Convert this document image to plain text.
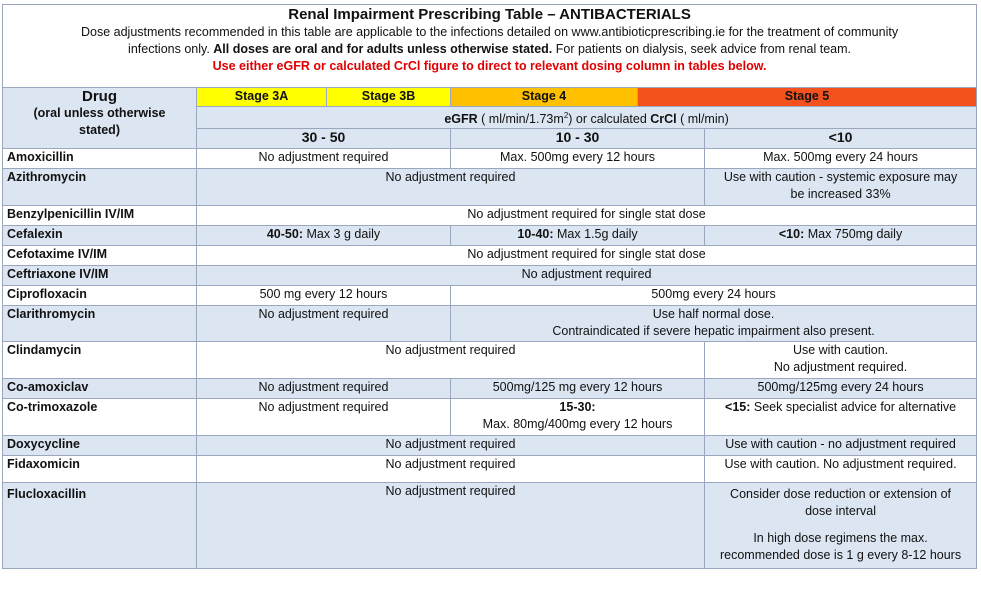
Renal Impairment Prescribing Table – ANTIBACTERIALS
Dose adjustments recommended in this table are applicable to the infections detailed on www.antibioticprescribing.ie for the treatment of community
infections only. All doses are oral and for adults unless otherwise stated. For patients on dialysis, seek advice from renal team.
Use either eGFR or calculated CrCl figure to direct to relevant dosing column in tables below.					

Drug
(oral unless otherwise
stated)	Stage 3A	Stage 3B	Stage 4	Stage 5	
	eGFR ( $ml/\min/1.73m^2$) or calculated CrCl ( ml/min)				
	30 - 50		10 - 30		<10
Amoxicillin	No adjustment required		Max. 500mg every 12 hours		Max. 500mg every 24 hours
Azithromycin	No adjustment required				Use with caution - systemic exposure may
be increased 33%
Benzylpenicillin IV/IM	No adjustment required for single stat dose				
Cefalexin	40-50: Max 3 g daily		10-40: Max 1.5g daily		<10: Max 750mg daily
Cefotaxime IV/IM	No adjustment required for single stat dose				
Ceftriaxone IV/IM	No adjustment required				
Ciprofloxacin	500 mg every 12 hours		500mg every 24 hours		
Clarithromycin	No adjustment required		Use half normal dose.
Contraindicated if severe hepatic impairment also present.		
Clindamycin	No adjustment required				Use with caution.
No adjustment required.
Co-amoxiclav	No adjustment required		500mg/125 mg every 12 hours		500mg/125mg every 24 hours
Co-trimoxazole	No adjustment required		15-30:
Max. 80mg/400mg every 12 hours		<15: Seek specialist advice for alternative
Doxycycline	No adjustment required				Use with caution - no adjustment required
Fidaxomicin	No adjustment required				Use with caution. No adjustment required.
Flucloxacillin	No adjustment required				Consider dose reduction or extension of
dose interval

In high dose regimens the max.
recommended dose is 1 g every 8-12 hours
